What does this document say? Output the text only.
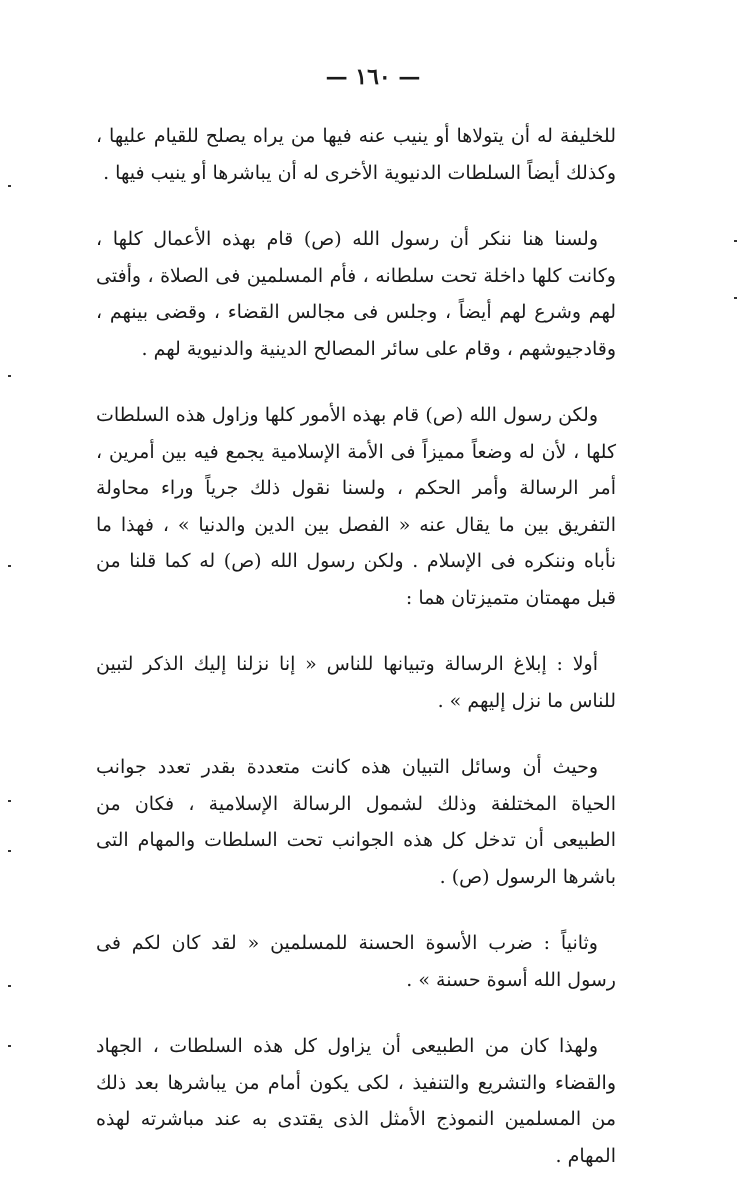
— ١٦٠ —

للخليفة له أن يتولاها أو ينيب عنه فيها من يراه يصلح للقيام عليها ، وكذلك أيضاً السلطات الدنيوية الأخرى له أن يباشرها أو ينيب فيها .

ولسنا هنا ننكر أن رسول الله (ص) قام بهذه الأعمال كلها ، وكانت كلها داخلة تحت سلطانه ، فأم المسلمين فى الصلاة ، وأفتى لهم وشرع لهم أيضاً ، وجلس فى مجالس القضاء ، وقضى بينهم ، وقادجيوشهم ، وقام على سائر المصالح الدينية والدنيوية لهم .

ولكن رسول الله (ص) قام بهذه الأمور كلها وزاول هذه السلطات كلها ، لأن له وضعاً مميزاً فى الأمة الإسلامية يجمع فيه بين أمرين ، أمر الرسالة وأمر الحكم ، ولسنا نقول ذلك جرياً وراء محاولة التفريق بين ما يقال عنه « الفصل بين الدين والدنيا » ، فهذا ما نأباه وننكره فى الإسلام . ولكن رسول الله (ص) له كما قلنا من قبل مهمتان متميزتان هما :

أولا : إبلاغ الرسالة وتبيانها للناس « إنا نزلنا إليك الذكر لتبين للناس ما نزل إليهم » .

وحيث أن وسائل التبيان هذه كانت متعددة بقدر تعدد جوانب الحياة المختلفة وذلك لشمول الرسالة الإسلامية ، فكان من الطبيعى أن تدخل كل هذه الجوانب تحت السلطات والمهام التى باشرها الرسول (ص) .

وثانياً : ضرب الأسوة الحسنة للمسلمين « لقد كان لكم فى رسول الله أسوة حسنة » .

ولهذا كان من الطبيعى أن يزاول كل هذه السلطات ، الجهاد والقضاء والتشريع والتنفيذ ، لكى يكون أمام من يباشرها بعد ذلك من المسلمين النموذج الأمثل الذى يقتدى به عند مباشرته لهذه المهام .
